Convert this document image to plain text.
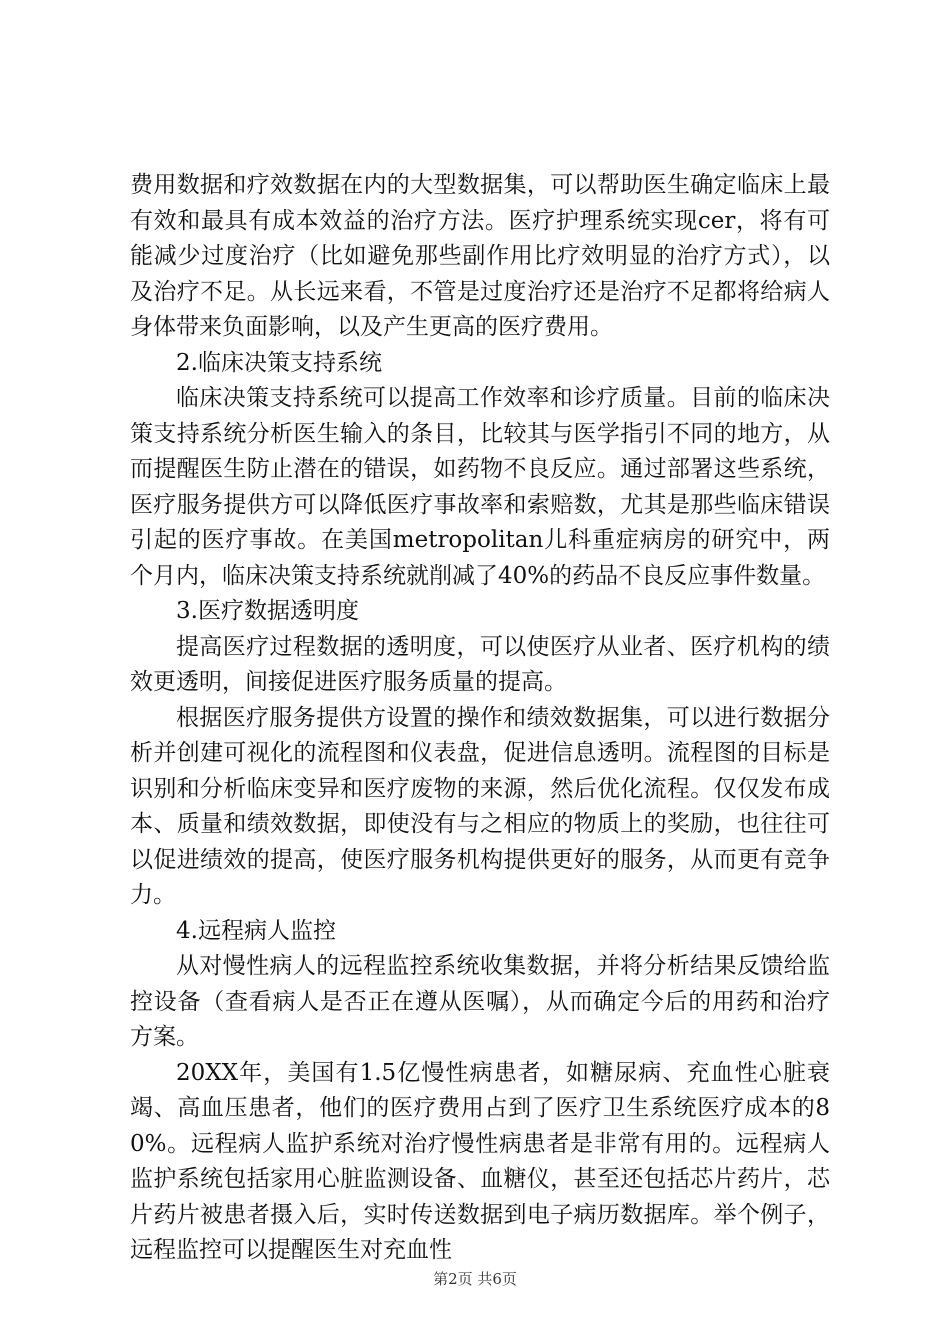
费用数据和疗效数据在内的大型数据集，可以帮助医生确定临床上最有效和最具有成本效益的治疗方法。医疗护理系统实现cer，将有可能减少过度治疗（比如避免那些副作用比疗效明显的治疗方式），以及治疗不足。从长远来看，不管是过度治疗还是治疗不足都将给病人身体带来负面影响，以及产生更高的医疗费用。

2.临床决策支持系统

临床决策支持系统可以提高工作效率和诊疗质量。目前的临床决策支持系统分析医生输入的条目，比较其与医学指引不同的地方，从而提醒医生防止潜在的错误，如药物不良反应。通过部署这些系统，医疗服务提供方可以降低医疗事故率和索赔数，尤其是那些临床错误引起的医疗事故。在美国metropolitan儿科重症病房的研究中，两个月内，临床决策支持系统就削减了40%的药品不良反应事件数量。

3.医疗数据透明度

提高医疗过程数据的透明度，可以使医疗从业者、医疗机构的绩效更透明，间接促进医疗服务质量的提高。

根据医疗服务提供方设置的操作和绩效数据集，可以进行数据分析并创建可视化的流程图和仪表盘，促进信息透明。流程图的目标是识别和分析临床变异和医疗废物的来源，然后优化流程。仅仅发布成本、质量和绩效数据，即使没有与之相应的物质上的奖励，也往往可以促进绩效的提高，使医疗服务机构提供更好的服务，从而更有竞争力。

4.远程病人监控

从对慢性病人的远程监控系统收集数据，并将分析结果反馈给监控设备（查看病人是否正在遵从医嘱），从而确定今后的用药和治疗方案。

20XX年，美国有1.5亿慢性病患者，如糖尿病、充血性心脏衰竭、高血压患者，他们的医疗费用占到了医疗卫生系统医疗成本的80%。远程病人监护系统对治疗慢性病患者是非常有用的。远程病人监护系统包括家用心脏监测设备、血糖仪，甚至还包括芯片药片，芯片药片被患者摄入后，实时传送数据到电子病历数据库。举个例子，远程监控可以提醒医生对充血性

第2页 共6页
